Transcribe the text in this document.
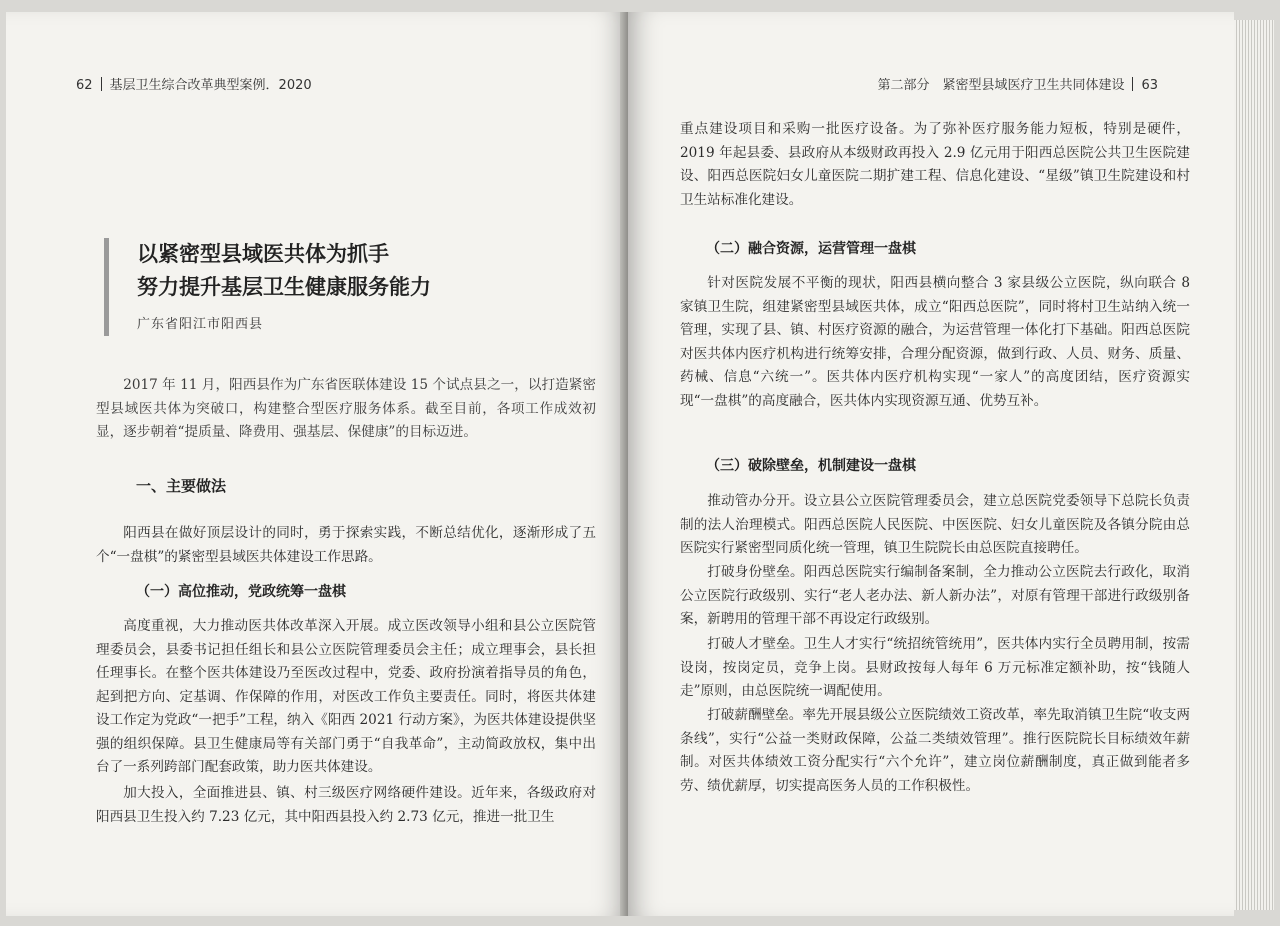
62 基层卫生综合改革典型案例．2020
以紧密型县域医共体为抓手
努力提升基层卫生健康服务能力
广东省阳江市阳西县

2017 年 11 月，阳西县作为广东省医联体建设 15 个试点县之一，以打造紧密型县域医共体为突破口，构建整合型医疗服务体系。截至目前，各项工作成效初显，逐步朝着“提质量、降费用、强基层、保健康”的目标迈进。

一、主要做法

阳西县在做好顶层设计的同时，勇于探索实践，不断总结优化，逐渐形成了五个“一盘棋”的紧密型县域医共体建设工作思路。

（一）高位推动，党政统筹一盘棋

高度重视，大力推动医共体改革深入开展。成立医改领导小组和县公立医院管理委员会，县委书记担任组长和县公立医院管理委员会主任；成立理事会，县长担任理事长。在整个医共体建设乃至医改过程中，党委、政府扮演着指导员的角色，起到把方向、定基调、作保障的作用，对医改工作负主要责任。同时，将医共体建设工作定为党政“一把手”工程，纳入《阳西 2021 行动方案》，为医共体建设提供坚强的组织保障。县卫生健康局等有关部门勇于“自我革命”，主动简政放权，集中出台了一系列跨部门配套政策，助力医共体建设。

加大投入，全面推进县、镇、村三级医疗网络硬件建设。近年来，各级政府对阳西县卫生投入约 7.23 亿元，其中阳西县投入约 2.73 亿元，推进一批卫生

第二部分　紧密型县域医疗卫生共同体建设 63

重点建设项目和采购一批医疗设备。为了弥补医疗服务能力短板，特别是硬件，2019 年起县委、县政府从本级财政再投入 2.9 亿元用于阳西总医院公共卫生医院建设、阳西总医院妇女儿童医院二期扩建工程、信息化建设、“星级”镇卫生院建设和村卫生站标准化建设。

（二）融合资源，运营管理一盘棋

针对医院发展不平衡的现状，阳西县横向整合 3 家县级公立医院，纵向联合 8 家镇卫生院，组建紧密型县域医共体，成立“阳西总医院”，同时将村卫生站纳入统一管理，实现了县、镇、村医疗资源的融合，为运营管理一体化打下基础。阳西总医院对医共体内医疗机构进行统筹安排，合理分配资源，做到行政、人员、财务、质量、药械、信息“六统一”。医共体内医疗机构实现“一家人”的高度团结，医疗资源实现“一盘棋”的高度融合，医共体内实现资源互通、优势互补。

（三）破除壁垒，机制建设一盘棋

推动管办分开。设立县公立医院管理委员会，建立总医院党委领导下总院长负责制的法人治理模式。阳西总医院人民医院、中医医院、妇女儿童医院及各镇分院由总医院实行紧密型同质化统一管理，镇卫生院院长由总医院直接聘任。

打破身份壁垒。阳西总医院实行编制备案制，全力推动公立医院去行政化，取消公立医院行政级别、实行“老人老办法、新人新办法”，对原有管理干部进行政级别备案，新聘用的管理干部不再设定行政级别。

打破人才壁垒。卫生人才实行“统招统管统用”，医共体内实行全员聘用制，按需设岗，按岗定员，竞争上岗。县财政按每人每年 6 万元标准定额补助，按“钱随人走”原则，由总医院统一调配使用。

打破薪酬壁垒。率先开展县级公立医院绩效工资改革，率先取消镇卫生院“收支两条线”，实行“公益一类财政保障，公益二类绩效管理”。推行医院院长目标绩效年薪制。对医共体绩效工资分配实行“六个允许”，建立岗位薪酬制度，真正做到能者多劳、绩优薪厚，切实提高医务人员的工作积极性。
